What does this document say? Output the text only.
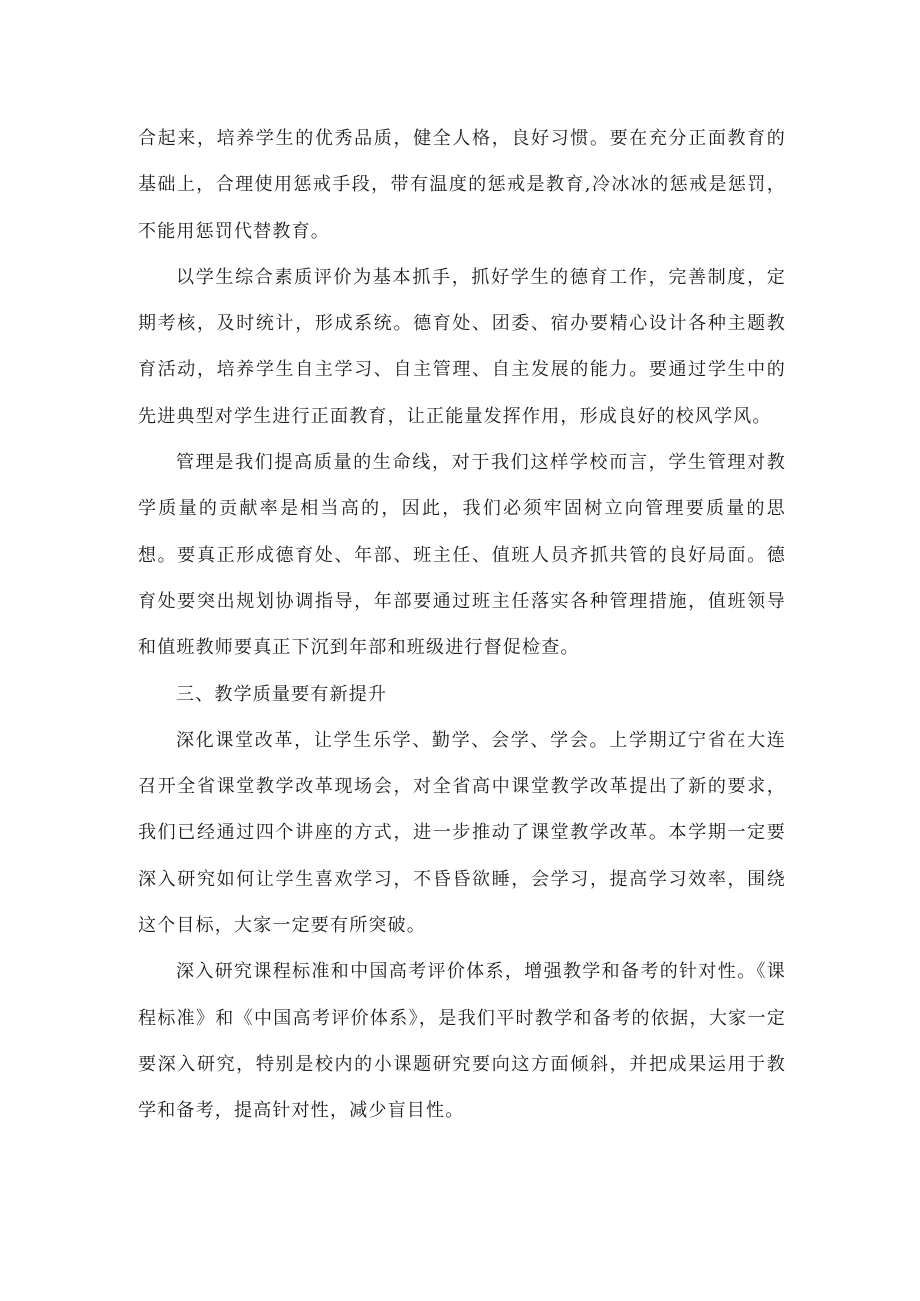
合起来，培养学生的优秀品质，健全人格，良好习惯。要在充分正面教育的基础上，合理使用惩戒手段，带有温度的惩戒是教育,冷冰冰的惩戒是惩罚，不能用惩罚代替教育。

以学生综合素质评价为基本抓手，抓好学生的德育工作，完善制度，定期考核，及时统计，形成系统。德育处、团委、宿办要精心设计各种主题教育活动，培养学生自主学习、自主管理、自主发展的能力。要通过学生中的先进典型对学生进行正面教育，让正能量发挥作用，形成良好的校风学风。

管理是我们提高质量的生命线，对于我们这样学校而言，学生管理对教学质量的贡献率是相当高的，因此，我们必须牢固树立向管理要质量的思想。要真正形成德育处、年部、班主任、值班人员齐抓共管的良好局面。德育处要突出规划协调指导，年部要通过班主任落实各种管理措施，值班领导和值班教师要真正下沉到年部和班级进行督促检查。

三、教学质量要有新提升

深化课堂改革，让学生乐学、勤学、会学、学会。上学期辽宁省在大连召开全省课堂教学改革现场会，对全省高中课堂教学改革提出了新的要求，我们已经通过四个讲座的方式，进一步推动了课堂教学改革。本学期一定要深入研究如何让学生喜欢学习，不昏昏欲睡，会学习，提高学习效率，围绕这个目标，大家一定要有所突破。

深入研究课程标准和中国高考评价体系，增强教学和备考的针对性。《课程标准》和《中国高考评价体系》，是我们平时教学和备考的依据，大家一定要深入研究，特别是校内的小课题研究要向这方面倾斜，并把成果运用于教学和备考，提高针对性，减少盲目性。
